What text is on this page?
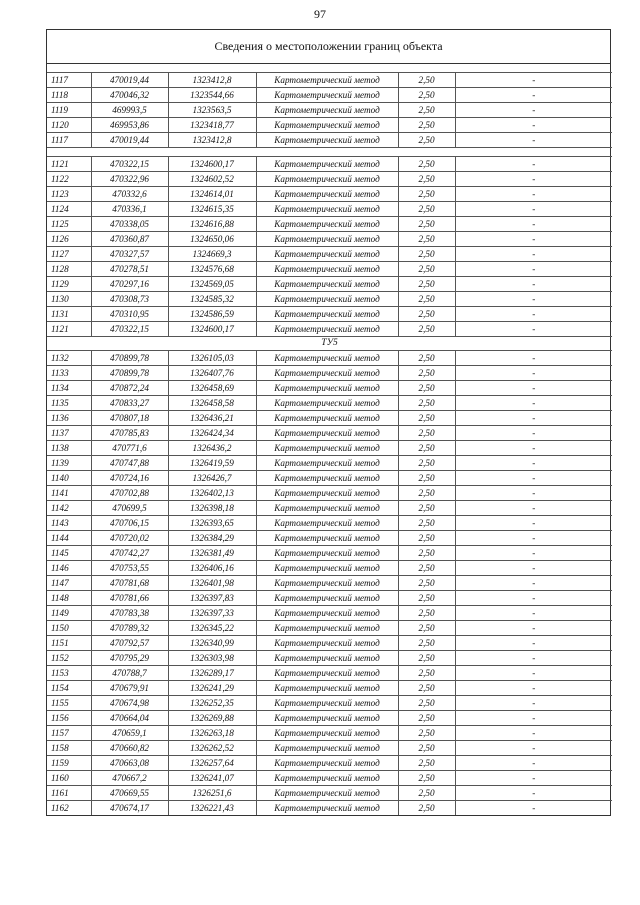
97
Сведения о местоположении границ объекта

1117	470019,44	1323412,8	Картометрический метод	2,50	-
1118	470046,32	1323544,66	Картометрический метод	2,50	-
1119	469993,5	1323563,5	Картометрический метод	2,50	-
1120	469953,86	1323418,77	Картометрический метод	2,50	-
1117	470019,44	1323412,8	Картометрический метод	2,50	-

1121	470322,15	1324600,17	Картометрический метод	2,50	-
1122	470322,96	1324602,52	Картометрический метод	2,50	-
1123	470332,6	1324614,01	Картометрический метод	2,50	-
1124	470336,1	1324615,35	Картометрический метод	2,50	-
1125	470338,05	1324616,88	Картометрический метод	2,50	-
1126	470360,87	1324650,06	Картометрический метод	2,50	-
1127	470327,57	1324669,3	Картометрический метод	2,50	-
1128	470278,51	1324576,68	Картометрический метод	2,50	-
1129	470297,16	1324569,05	Картометрический метод	2,50	-
1130	470308,73	1324585,32	Картометрический метод	2,50	-
1131	470310,95	1324586,59	Картометрический метод	2,50	-
1121	470322,15	1324600,17	Картометрический метод	2,50	-
ТУ5					
1132	470899,78	1326105,03	Картометрический метод	2,50	-
1133	470899,78	1326407,76	Картометрический метод	2,50	-
1134	470872,24	1326458,69	Картометрический метод	2,50	-
1135	470833,27	1326458,58	Картометрический метод	2,50	-
1136	470807,18	1326436,21	Картометрический метод	2,50	-
1137	470785,83	1326424,34	Картометрический метод	2,50	-
1138	470771,6	1326436,2	Картометрический метод	2,50	-
1139	470747,88	1326419,59	Картометрический метод	2,50	-
1140	470724,16	1326426,7	Картометрический метод	2,50	-
1141	470702,88	1326402,13	Картометрический метод	2,50	-
1142	470699,5	1326398,18	Картометрический метод	2,50	-
1143	470706,15	1326393,65	Картометрический метод	2,50	-
1144	470720,02	1326384,29	Картометрический метод	2,50	-
1145	470742,27	1326381,49	Картометрический метод	2,50	-
1146	470753,55	1326406,16	Картометрический метод	2,50	-
1147	470781,68	1326401,98	Картометрический метод	2,50	-
1148	470781,66	1326397,83	Картометрический метод	2,50	-
1149	470783,38	1326397,33	Картометрический метод	2,50	-
1150	470789,32	1326345,22	Картометрический метод	2,50	-
1151	470792,57	1326340,99	Картометрический метод	2,50	-
1152	470795,29	1326303,98	Картометрический метод	2,50	-
1153	470788,7	1326289,17	Картометрический метод	2,50	-
1154	470679,91	1326241,29	Картометрический метод	2,50	-
1155	470674,98	1326252,35	Картометрический метод	2,50	-
1156	470664,04	1326269,88	Картометрический метод	2,50	-
1157	470659,1	1326263,18	Картометрический метод	2,50	-
1158	470660,82	1326262,52	Картометрический метод	2,50	-
1159	470663,08	1326257,64	Картометрический метод	2,50	-
1160	470667,2	1326241,07	Картометрический метод	2,50	-
1161	470669,55	1326251,6	Картометрический метод	2,50	-
1162	470674,17	1326221,43	Картометрический метод	2,50	-
